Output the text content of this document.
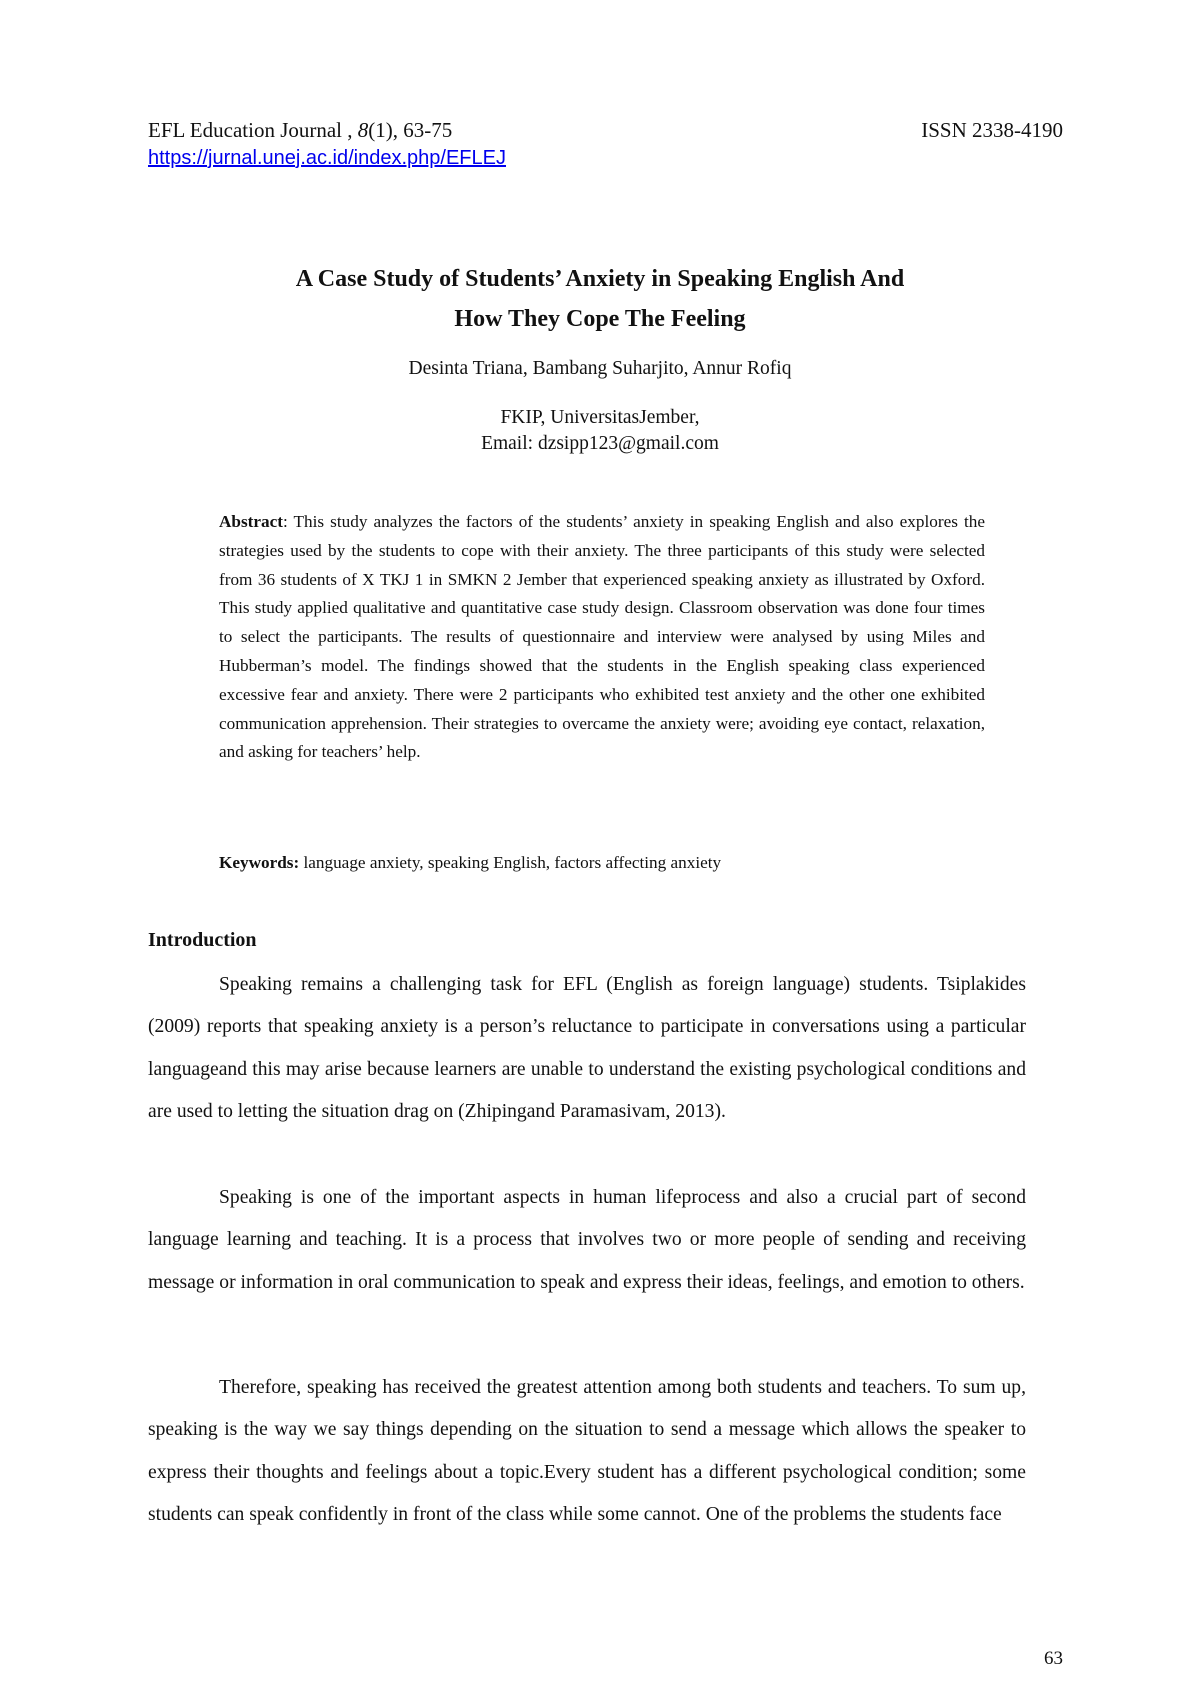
EFL Education Journal , 8(1), 63-75	ISSN 2338-4190
https://jurnal.unej.ac.id/index.php/EFLEJ
A Case Study of Students’ Anxiety in Speaking English And
How They Cope The Feeling
Desinta Triana, Bambang Suharjito, Annur Rofiq
FKIP, UniversitasJember,
Email: dzsipp123@gmail.com

Abstract: This study analyzes the factors of the students’ anxiety in speaking English and also explores the strategies used by the students to cope with their anxiety. The three participants of this study were selected from 36 students of X TKJ 1 in SMKN 2 Jember that experienced speaking anxiety as illustrated by Oxford. This study applied qualitative and quantitative case study design. Classroom observation was done four times to select the participants. The results of questionnaire and interview were analysed by using Miles and Hubberman’s model. The findings showed that the students in the English speaking class experienced excessive fear and anxiety. There were 2 participants who exhibited test anxiety and the other one exhibited communication apprehension. Their strategies to overcame the anxiety were; avoiding eye contact, relaxation, and asking for teachers’ help.

Keywords: language anxiety, speaking English, factors affecting anxiety

Introduction

Speaking remains a challenging task for EFL (English as foreign language) students. Tsiplakides (2009) reports that speaking anxiety is a person’s reluctance to participate in conversations using a particular languageand this may arise because learners are unable to understand the existing psychological conditions and are used to letting the situation drag on (Zhipingand Paramasivam, 2013).

Speaking is one of the important aspects in human lifeprocess and also a crucial part of second language learning and teaching. It is a process that involves two or more people of sending and receiving message or information in oral communication to speak and express their ideas, feelings, and emotion to others.

Therefore, speaking has received the greatest attention among both students and teachers. To sum up, speaking is the way we say things depending on the situation to send a message which allows the speaker to express their thoughts and feelings about a topic.Every student has a different psychological condition; some students can speak confidently in front of the class while some cannot. One of the problems the students face

63
